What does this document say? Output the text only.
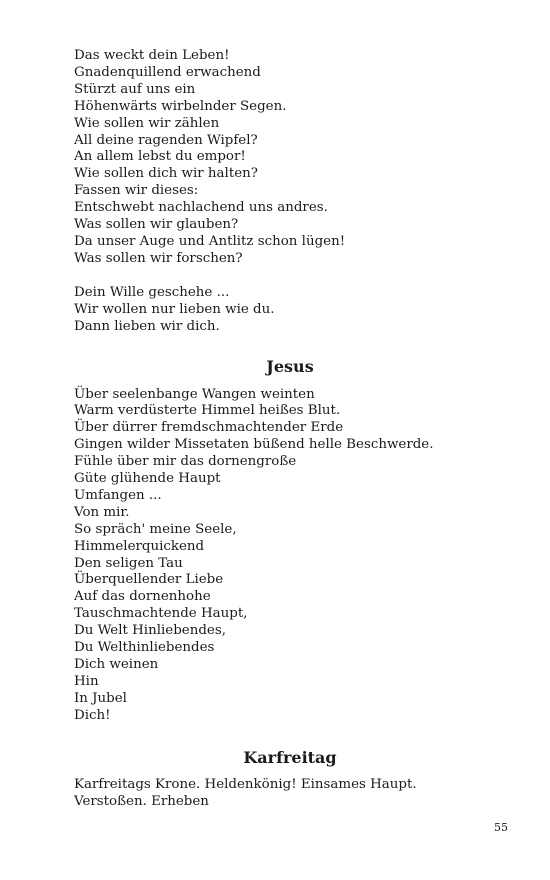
Das weckt dein Leben!
Gnadenquillend erwachend
Stürzt auf uns ein
Höhenwärts wirbelnder Segen.
Wie sollen wir zählen
All deine ragenden Wipfel?
An allem lebst du empor!
Wie sollen dich wir halten?
Fassen wir dieses:
Entschwebt nachlachend uns andres.
Was sollen wir glauben?
Da unser Auge und Antlitz schon lügen!
Was sollen wir forschen?
Dein Wille geschehe ...
Wir wollen nur lieben wie du.
Dann lieben wir dich.
Jesus
Über seelenbange Wangen weinten
Warm verdüsterte Himmel heißes Blut.
Über dürrer fremdschmachtender Erde
Gingen wilder Missetaten büßend helle Beschwerde.
Fühle über mir das dornengroße
Güte glühende Haupt
Umfangen ...
Von mir.
So spräch' meine Seele,
Himmelerquickend
Den seligen Tau
Überquellender Liebe
Auf das dornenhohe
Tauschmachtende Haupt,
Du Welt Hinliebendes,
Du Welthinliebendes
Dich weinen
Hin
In Jubel
Dich!
Karfreitag
Karfreitags Krone. Heldenkönig! Einsames Haupt.
Verstoßen. Erheben
55
